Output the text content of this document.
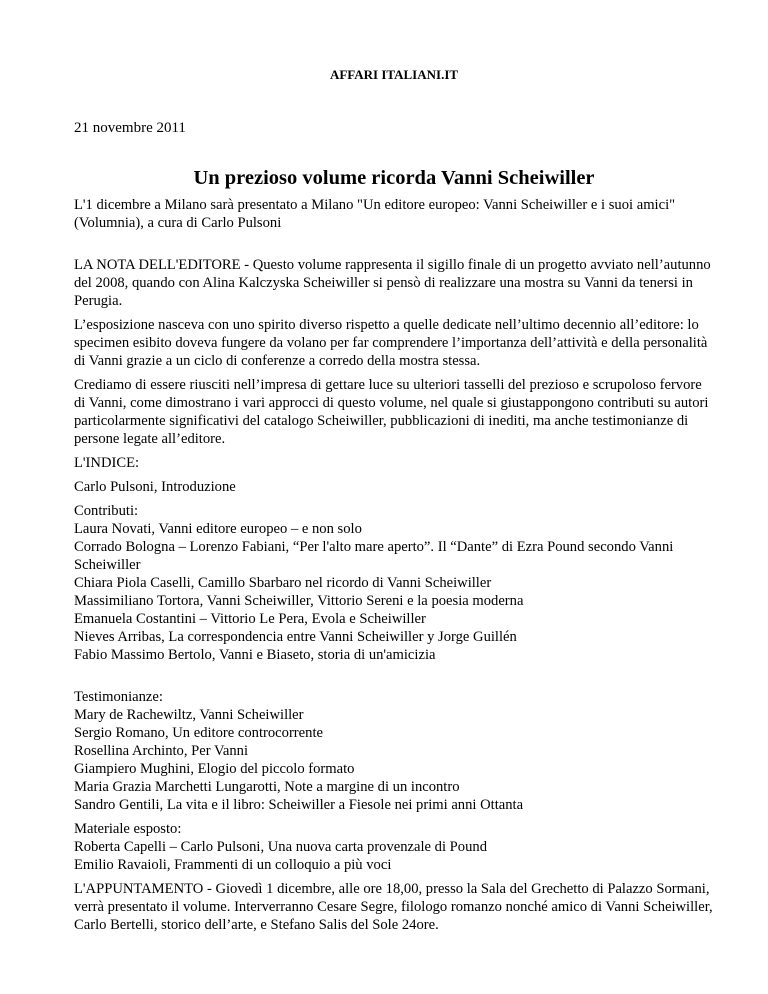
AFFARI ITALIANI.IT

21 novembre 2011

Un prezioso volume ricorda Vanni Scheiwiller

L'1 dicembre a Milano sarà presentato a Milano "Un editore europeo: Vanni Scheiwiller e i suoi amici" (Volumnia), a cura di Carlo Pulsoni

LA NOTA DELL'EDITORE - Questo volume rappresenta il sigillo finale di un progetto avviato nell’autunno del 2008, quando con Alina Kalczyska Scheiwiller si pensò di realizzare una mostra su Vanni da tenersi in Perugia.

L’esposizione nasceva con uno spirito diverso rispetto a quelle dedicate nell’ultimo decennio all’editore: lo specimen esibito doveva fungere da volano per far comprendere l’importanza dell’attività e della personalità di Vanni grazie a un ciclo di conferenze a corredo della mostra stessa.

Crediamo di essere riusciti nell’impresa di gettare luce su ulteriori tasselli del prezioso e scrupoloso fervore di Vanni, come dimostrano i vari approcci di questo volume, nel quale si giustappongono contributi su autori particolarmente significativi del catalogo Scheiwiller, pubblicazioni di inediti, ma anche testimonianze di persone legate all’editore.

L'INDICE:

Carlo Pulsoni, Introduzione

Contributi:
Laura Novati, Vanni editore europeo – e non solo
Corrado Bologna – Lorenzo Fabiani, “Per l'alto mare aperto”. Il “Dante” di Ezra Pound secondo Vanni Scheiwiller
Chiara Piola Caselli, Camillo Sbarbaro nel ricordo di Vanni Scheiwiller
Massimiliano Tortora, Vanni Scheiwiller, Vittorio Sereni e la poesia moderna
Emanuela Costantini – Vittorio Le Pera, Evola e Scheiwiller
Nieves Arribas, La correspondencia entre Vanni Scheiwiller y Jorge Guillén
Fabio Massimo Bertolo, Vanni e Biaseto, storia di un'amicizia
Testimonianze:
Mary de Rachewiltz, Vanni Scheiwiller
Sergio Romano, Un editore controcorrente
Rosellina Archinto, Per Vanni
Giampiero Mughini, Elogio del piccolo formato
Maria Grazia Marchetti Lungarotti, Note a margine di un incontro
Sandro Gentili, La vita e il libro: Scheiwiller a Fiesole nei primi anni Ottanta
Materiale esposto:
Roberta Capelli – Carlo Pulsoni, Una nuova carta provenzale di Pound
Emilio Ravaioli, Frammenti di un colloquio a più voci

L'APPUNTAMENTO - Giovedì 1 dicembre, alle ore 18,00, presso la Sala del Grechetto di Palazzo Sormani, verrà presentato il volume. Interverranno Cesare Segre, filologo romanzo nonché amico di Vanni Scheiwiller, Carlo Bertelli, storico dell’arte, e Stefano Salis del Sole 24ore.
